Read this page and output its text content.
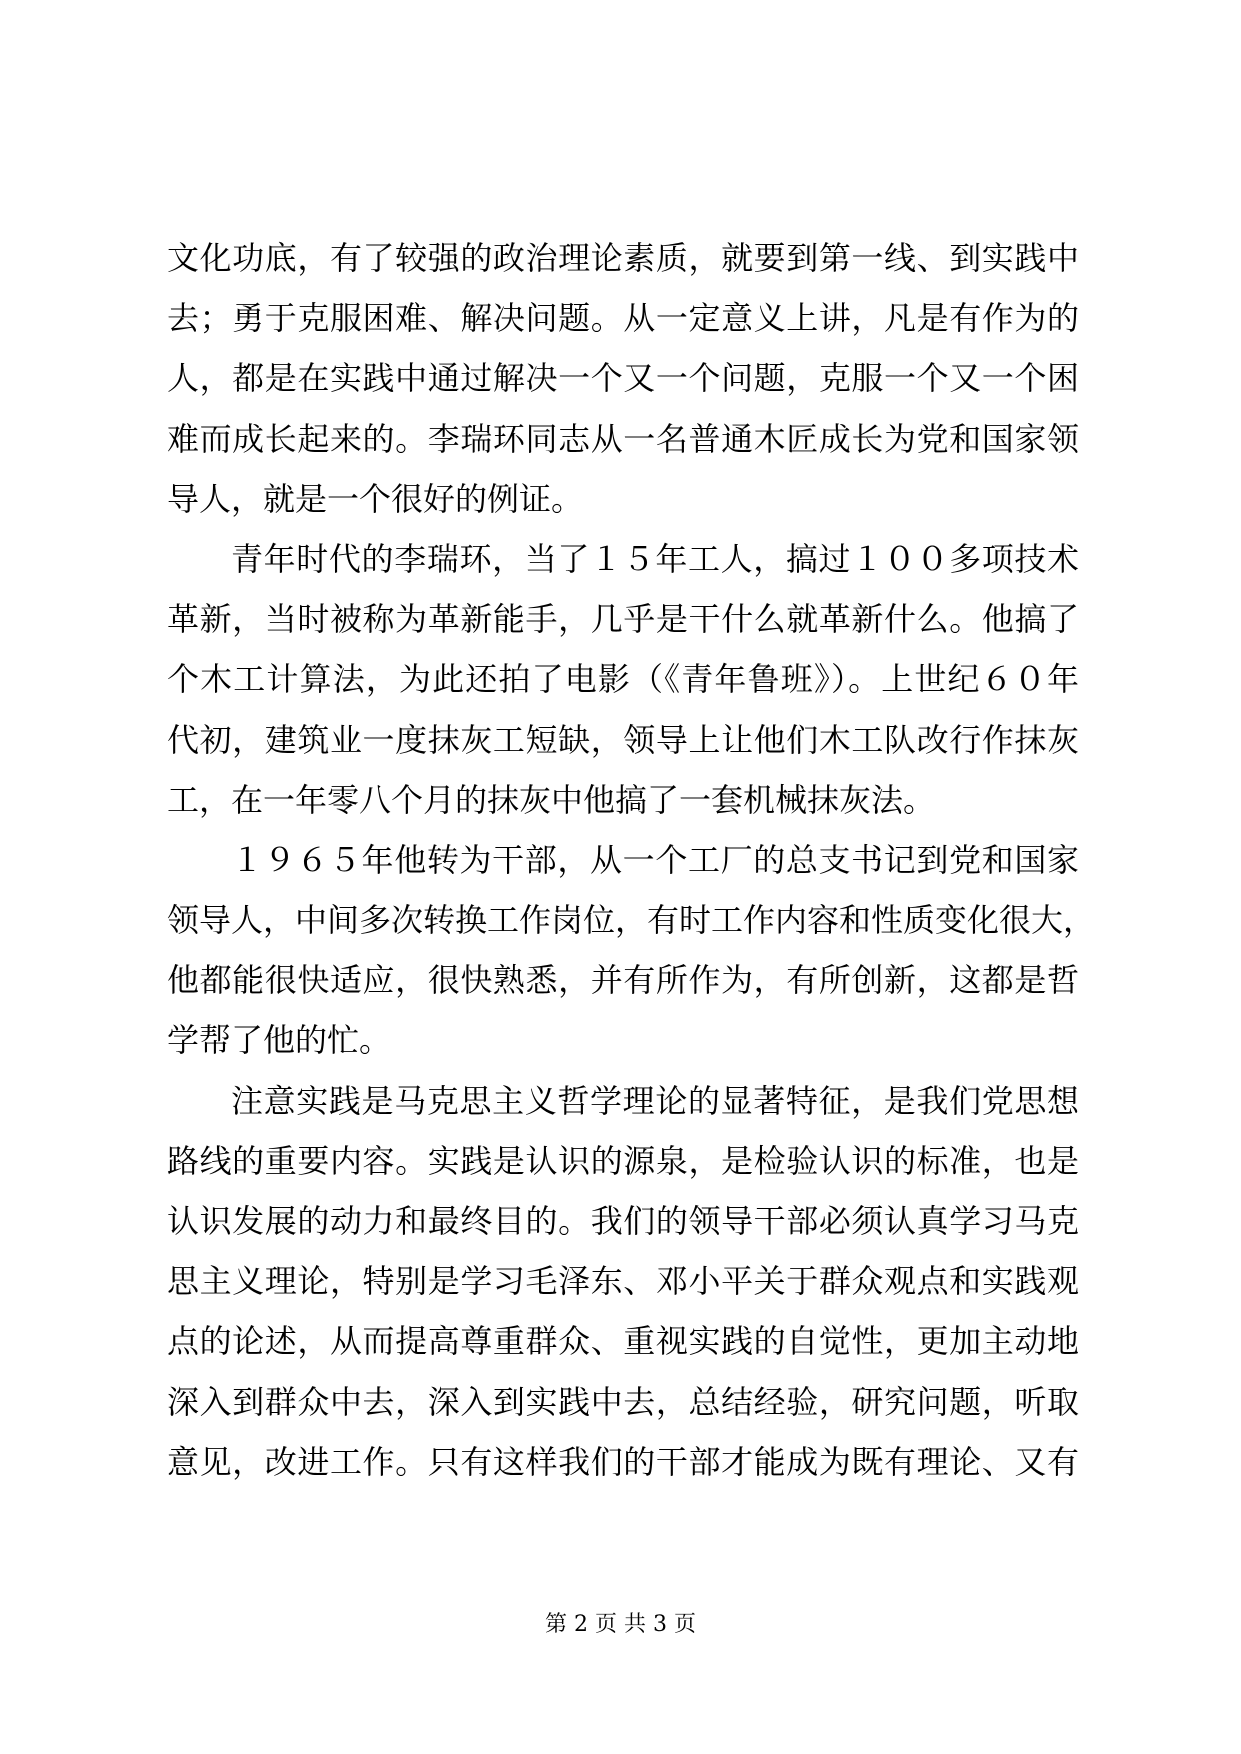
文化功底，有了较强的政治理论素质，就要到第一线、到实践中
去；勇于克服困难、解决问题。从一定意义上讲，凡是有作为的
人，都是在实践中通过解决一个又一个问题，克服一个又一个困
难而成长起来的。李瑞环同志从一名普通木匠成长为党和国家领
导人，就是一个很好的例证。
青年时代的李瑞环，当了１５年工人，搞过１００多项技术
革新，当时被称为革新能手，几乎是干什么就革新什么。他搞了
个木工计算法，为此还拍了电影（《青年鲁班》）。上世纪６０年
代初，建筑业一度抹灰工短缺，领导上让他们木工队改行作抹灰
工，在一年零八个月的抹灰中他搞了一套机械抹灰法。
１９６５年他转为干部，从一个工厂的总支书记到党和国家
领导人，中间多次转换工作岗位，有时工作内容和性质变化很大，
他都能很快适应，很快熟悉，并有所作为，有所创新，这都是哲
学帮了他的忙。
注意实践是马克思主义哲学理论的显著特征，是我们党思想
路线的重要内容。实践是认识的源泉，是检验认识的标准，也是
认识发展的动力和最终目的。我们的领导干部必须认真学习马克
思主义理论，特别是学习毛泽东、邓小平关于群众观点和实践观
点的论述，从而提高尊重群众、重视实践的自觉性，更加主动地
深入到群众中去，深入到实践中去，总结经验，研究问题，听取
意见，改进工作。只有这样我们的干部才能成为既有理论、又有
第 2 页 共 3 页
